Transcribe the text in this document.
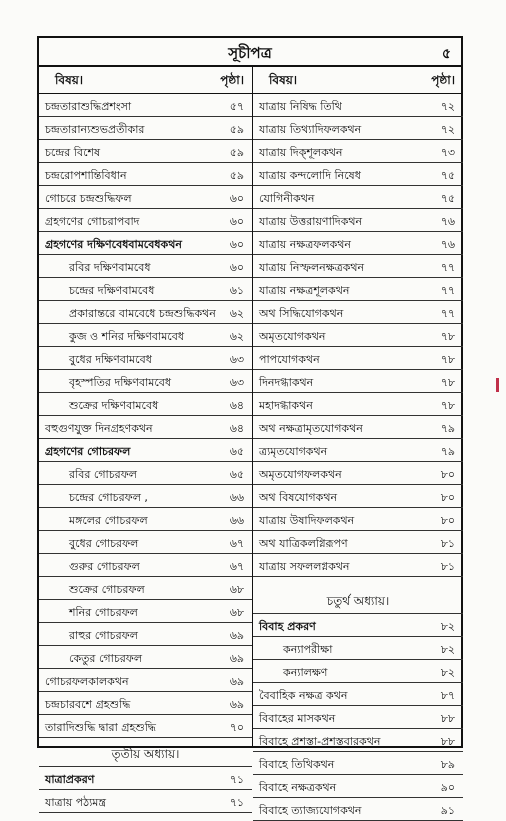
সূচীপত্র	৫
বিষয়।	পৃষ্ঠা।
চন্দ্রতারাশুদ্ধিপ্রশংসা	৫৭
চন্দ্রতারান্যশুভপ্রতীকার	৫৯
চন্দ্রের বিশেষ	৫৯
চন্দ্ররোপশান্তিবিধান	৫৯
গোচরে চন্দ্রশুদ্ধিফল	৬০
গ্রহগণের গোচরাপবাদ	৬০
গ্রহগণের দক্ষিণবেধবামবেধকথন	৬০
রবির দক্ষিণবামবেধ	৬০
চন্দ্রের দক্ষিণবামবেধ	৬১
প্রকারান্তরে বামবেধে চন্দ্রশুদ্ধিকথন ৬২
কুজ ও শনির দক্ষিণবামবেধ	৬২
বুধের দক্ষিণবামবেধ	৬৩
বৃহস্পতির দক্ষিণবামবেধ	৬৩
শুক্রের দক্ষিণবামবেধ	৬৪
বহুগুণযুক্ত দিনগ্রহণকথন	৬৪
গ্রহগণের গোচরফল	৬৫
রবির গোচরফল	৬৫
চন্দ্রের গোচরফল ,	৬৬
মঙ্গলের গোচরফল	৬৬
বুধের গোচরফল	৬৭
গুরুর গোচরফল	৬৭
শুক্রের গোচরফল	৬৮
শনির গোচরফল	৬৮
রাহুর গোচরফল	৬৯
কেতুর গোচরফল	৬৯
গোচরফলকালকথন	৬৯
চন্দ্রচারবশে গ্রহশুদ্ধি	৬৯
তারাদিশুদ্ধি দ্বারা গ্রহশুদ্ধি	৭০
তৃতীয় অধ্যায়।
যাত্রাপ্রকরণ	৭১
যাত্রায় পঠ্যমন্ত্র	৭১
বিষয়।	পৃষ্ঠা।
যাত্রায় নিষিদ্ধ তিথি	৭২
যাত্রায় তিথ্যাদিফলকথন	৭২
যাত্রায় দিক্শূলকথন	৭৩
যাত্রায় কন্দলোদি নিষেধ	৭৫
যোগিনীকথন	৭৫
যাত্রায় উত্তরায়ণাদিকথন	৭৬
যাত্রায় নক্ষত্রফলকথন	৭৬
যাত্রায় নিস্ফলনক্ষত্রকথন	৭৭
যাত্রায় নক্ষত্রশূলকথন	৭৭
অথ সিদ্ধিযোগকথন	৭৭
অমৃতযোগকথন	৭৮
পাপযোগকথন	৭৮
দিনদগ্ধাকথন	৭৮
মহাদগ্ধাকথন	৭৮
অথ নক্ষত্রামৃতযোগকথন	৭৯
ত্র্যমৃতযোগকথন	৭৯
অমৃতযোগফলকথন	৮০
অথ বিষযোগকথন	৮০
যাত্রায় উষাদিফলকথন	৮০
অথ যাত্রিকলগ্নিরূপণ	৮১
যাত্রায় সফললগ্নকথন	৮১
চতুর্থ অধ্যায়।
বিবাহ প্রকরণ	৮২
কন্যাপরীক্ষা	৮২
কন্যালক্ষণ	৮২
বৈবাহিক নক্ষত্র কথন	৮৭
বিবাহের মাসকথন	৮৮
বিবাহে প্রশস্তা-প্রশস্তবারকথন	৮৮
বিবাহে তিথিকথন	৮৯
বিবাহে নক্ষত্রকথন	৯০
বিবাহে ত্যাজ্যযোগকথন	৯১
